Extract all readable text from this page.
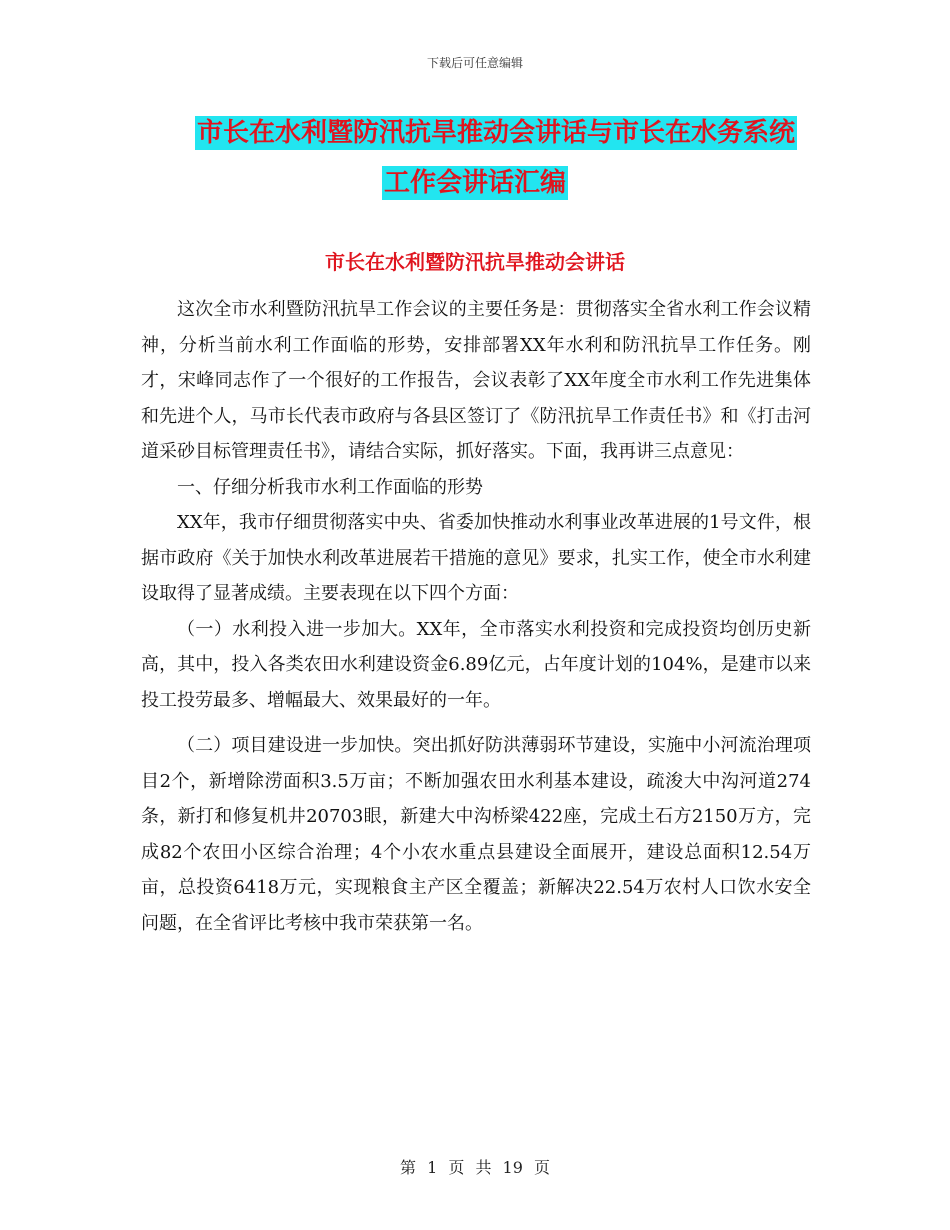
下载后可任意编辑
市长在水利暨防汛抗旱推动会讲话与市长在水务系统
工作会讲话汇编
市长在水利暨防汛抗旱推动会讲话

这次全市水利暨防汛抗旱工作会议的主要任务是：贯彻落实全省水利工作会议精神，分析当前水利工作面临的形势，安排部署XX年水利和防汛抗旱工作任务。刚才，宋峰同志作了一个很好的工作报告，会议表彰了XX年度全市水利工作先进集体和先进个人，马市长代表市政府与各县区签订了《防汛抗旱工作责任书》和《打击河道采砂目标管理责任书》，请结合实际，抓好落实。下面，我再讲三点意见：

一、仔细分析我市水利工作面临的形势

XX年，我市仔细贯彻落实中央、省委加快推动水利事业改革进展的1号文件，根据市政府《关于加快水利改革进展若干措施的意见》要求，扎实工作，使全市水利建设取得了显著成绩。主要表现在以下四个方面：

（一）水利投入进一步加大。XX年，全市落实水利投资和完成投资均创历史新高，其中，投入各类农田水利建设资金6.89亿元，占年度计划的104%，是建市以来投工投劳最多、增幅最大、效果最好的一年。

（二）项目建设进一步加快。突出抓好防洪薄弱环节建设，实施中小河流治理项目2个，新增除涝面积3.5万亩；不断加强农田水利基本建设，疏浚大中沟河道274条，新打和修复机井20703眼，新建大中沟桥梁422座，完成土石方2150万方，完成82个农田小区综合治理；4个小农水重点县建设全面展开，建设总面积12.54万亩，总投资6418万元，实现粮食主产区全覆盖；新解决22.54万农村人口饮水安全问题，在全省评比考核中我市荣获第一名。

第 1 页 共 19 页
